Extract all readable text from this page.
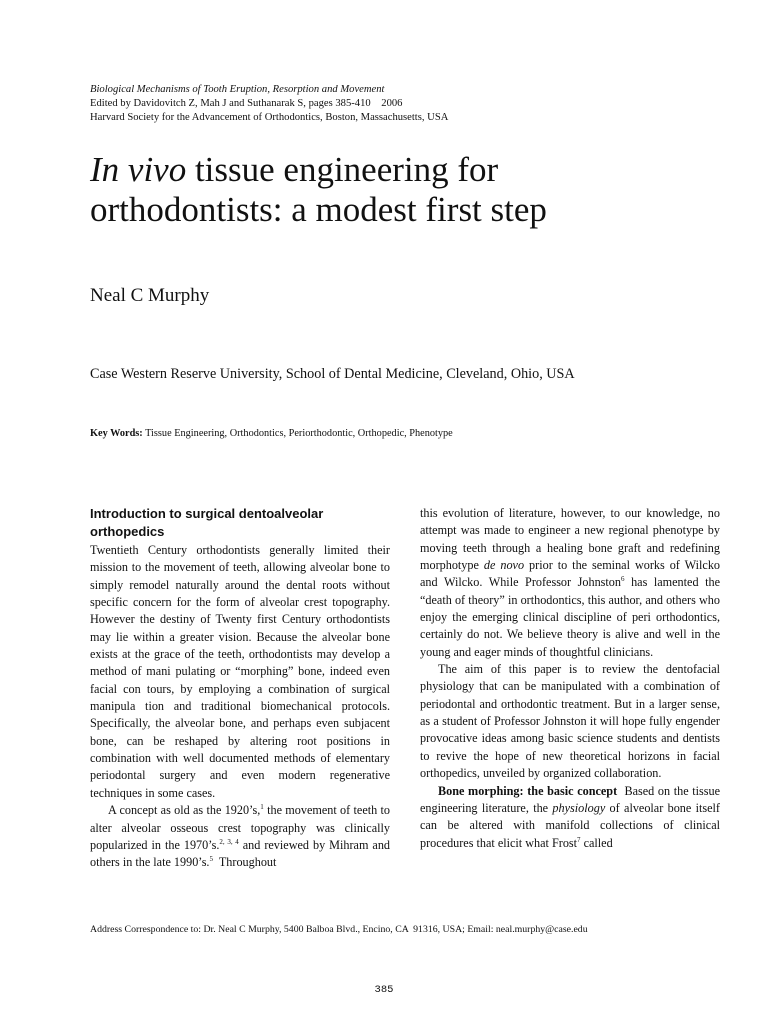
Biological Mechanisms of Tooth Eruption, Resorption and Movement
Edited by Davidovitch Z, Mah J and Suthanarak S, pages 385-410    2006
Harvard Society for the Advancement of Orthodontics, Boston, Massachusetts, USA
In vivo tissue engineering for
orthodontists: a modest first step
Neal C Murphy
Case Western Reserve University, School of Dental Medicine, Cleveland, Ohio, USA
Key Words: Tissue Engineering, Orthodontics, Periorthodontic, Orthopedic, Phenotype
Introduction to surgical dentoalveolar orthopedics

Twentieth Century orthodontists generally limited their mission to the movement of teeth, allowing alveolar bone to simply remodel naturally around the dental roots without specific concern for the form of alveolar crest topography. However the destiny of Twenty first Century orthodontists may lie within a greater vision. Because the alveolar bone exists at the grace of the teeth, orthodontists may develop a method of mani pulating or “morphing” bone, indeed even facial con tours, by employing a combination of surgical manipula tion and traditional biomechanical protocols. Specifically, the alveolar bone, and perhaps even subjacent bone, can be reshaped by altering root positions in combination with well documented methods of elementary periodontal surgery and even modern regenerative techniques in some cases.

A concept as old as the 1920’s,$^1$ the movement of teeth to alter alveolar osseous crest topography was clinically popularized in the 1970’s.$^{2, 3, 4}$ and reviewed by Mihram and others in the late 1990’s.$^5$  Throughout

this evolution of literature, however, to our knowledge, no attempt was made to engineer a new regional phenotype by moving teeth through a healing bone graft and redefining morphotype de novo prior to the seminal works of Wilcko and Wilcko. While Professor Johnston$^6$ has lamented the “death of theory” in orthodontics, this author, and others who enjoy the emerging clinical discipline of peri orthodontics, certainly do not. We believe theory is alive and well in the young and eager minds of thoughtful clinicians.

The aim of this paper is to review the dentofacial physiology that can be manipulated with a combination of periodontal and orthodontic treatment. But in a larger sense, as a student of Professor Johnston it will hope fully engender provocative ideas among basic science students and dentists to revive the hope of new theoretical horizons in facial orthopedics, unveiled by organized collaboration.

Bone morphing: the basic concept  Based on the tissue engineering literature, the physiology of alveolar bone itself can be altered with manifold collections of clinical procedures that elicit what Frost$^7$ called

Address Correspondence to: Dr. Neal C Murphy, 5400 Balboa Blvd., Encino, CA  91316, USA; Email: neal.murphy@case.edu
385
